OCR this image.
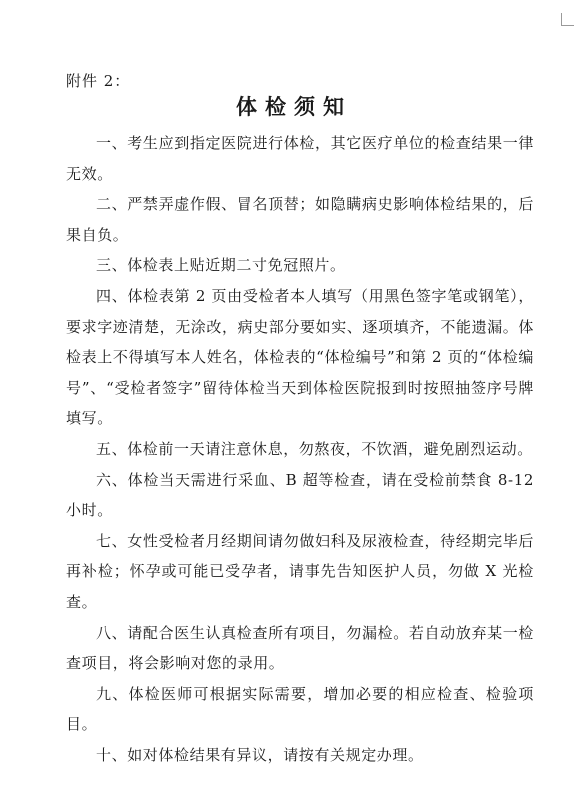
附件 2：
体检须知

一、考生应到指定医院进行体检，其它医疗单位的检查结果一律无效。

二、严禁弄虚作假、冒名顶替；如隐瞒病史影响体检结果的，后果自负。

三、体检表上贴近期二寸免冠照片。

四、体检表第 2 页由受检者本人填写（用黑色签字笔或钢笔），要求字迹清楚，无涂改，病史部分要如实、逐项填齐，不能遗漏。体检表上不得填写本人姓名，体检表的“体检编号”和第 2 页的“体检编号”、“受检者签字”留待体检当天到体检医院报到时按照抽签序号牌填写。

五、体检前一天请注意休息，勿熬夜，不饮酒，避免剧烈运动。

六、体检当天需进行采血、B 超等检查，请在受检前禁食 8-12 小时。

七、女性受检者月经期间请勿做妇科及尿液检查，待经期完毕后再补检；怀孕或可能已受孕者，请事先告知医护人员，勿做 X 光检查。

八、请配合医生认真检查所有项目，勿漏检。若自动放弃某一检查项目，将会影响对您的录用。

九、体检医师可根据实际需要，增加必要的相应检查、检验项目。

十、如对体检结果有异议，请按有关规定办理。
